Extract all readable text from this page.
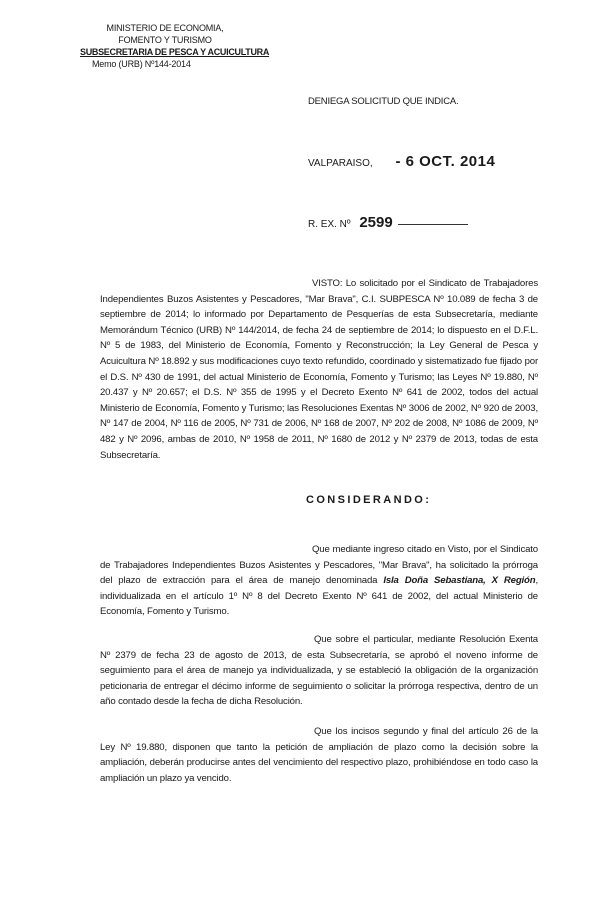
MINISTERIO DE ECONOMIA,
FOMENTO Y TURISMO
SUBSECRETARIA DE PESCA Y ACUICULTURA
Memo (URB) Nº144-2014
DENIEGA SOLICITUD QUE INDICA.
VALPARAISO, - 6 OCT. 2014
R. EX. Nº 2599
VISTO: Lo solicitado por el Sindicato de Trabajadores Independientes Buzos Asistentes y Pescadores, "Mar Brava", C.I. SUBPESCA Nº 10.089 de fecha 3 de septiembre de 2014; lo informado por Departamento de Pesquerías de esta Subsecretaría, mediante Memorándum Técnico (URB) Nº 144/2014, de fecha 24 de septiembre de 2014; lo dispuesto en el D.F.L. Nº 5 de 1983, del Ministerio de Economía, Fomento y Reconstrucción; la Ley General de Pesca y Acuicultura Nº 18.892 y sus modificaciones cuyo texto refundido, coordinado y sistematizado fue fijado por el D.S. Nº 430 de 1991, del actual Ministerio de Economía, Fomento y Turismo; las Leyes Nº 19.880, Nº 20.437 y Nº 20.657; el D.S. Nº 355 de 1995 y el Decreto Exento Nº 641 de 2002, todos del actual Ministerio de Economía, Fomento y Turismo; las Resoluciones Exentas Nº 3006 de 2002, Nº 920 de 2003, Nº 147 de 2004, Nº 116 de 2005, Nº 731 de 2006, Nº 168 de 2007, Nº 202 de 2008, Nº 1086 de 2009, Nº 482 y Nº 2096, ambas de 2010, Nº 1958 de 2011, Nº 1680 de 2012 y Nº 2379 de 2013, todas de esta Subsecretaría.
CONSIDERANDO:
Que mediante ingreso citado en Visto, por el Sindicato de Trabajadores Independientes Buzos Asistentes y Pescadores, "Mar Brava", ha solicitado la prórroga del plazo de extracción para el área de manejo denominada Isla Doña Sebastiana, X Región, individualizada en el artículo 1º Nº 8 del Decreto Exento Nº 641 de 2002, del actual Ministerio de Economía, Fomento y Turismo.
Que sobre el particular, mediante Resolución Exenta Nº 2379 de fecha 23 de agosto de 2013, de esta Subsecretaría, se aprobó el noveno informe de seguimiento para el área de manejo ya individualizada, y se estableció la obligación de la organización peticionaria de entregar el décimo informe de seguimiento o solicitar la prórroga respectiva, dentro de un año contado desde la fecha de dicha Resolución.
Que los incisos segundo y final del artículo 26 de la Ley Nº 19.880, disponen que tanto la petición de ampliación de plazo como la decisión sobre la ampliación, deberán producirse antes del vencimiento del respectivo plazo, prohibiéndose en todo caso la ampliación un plazo ya vencido.
